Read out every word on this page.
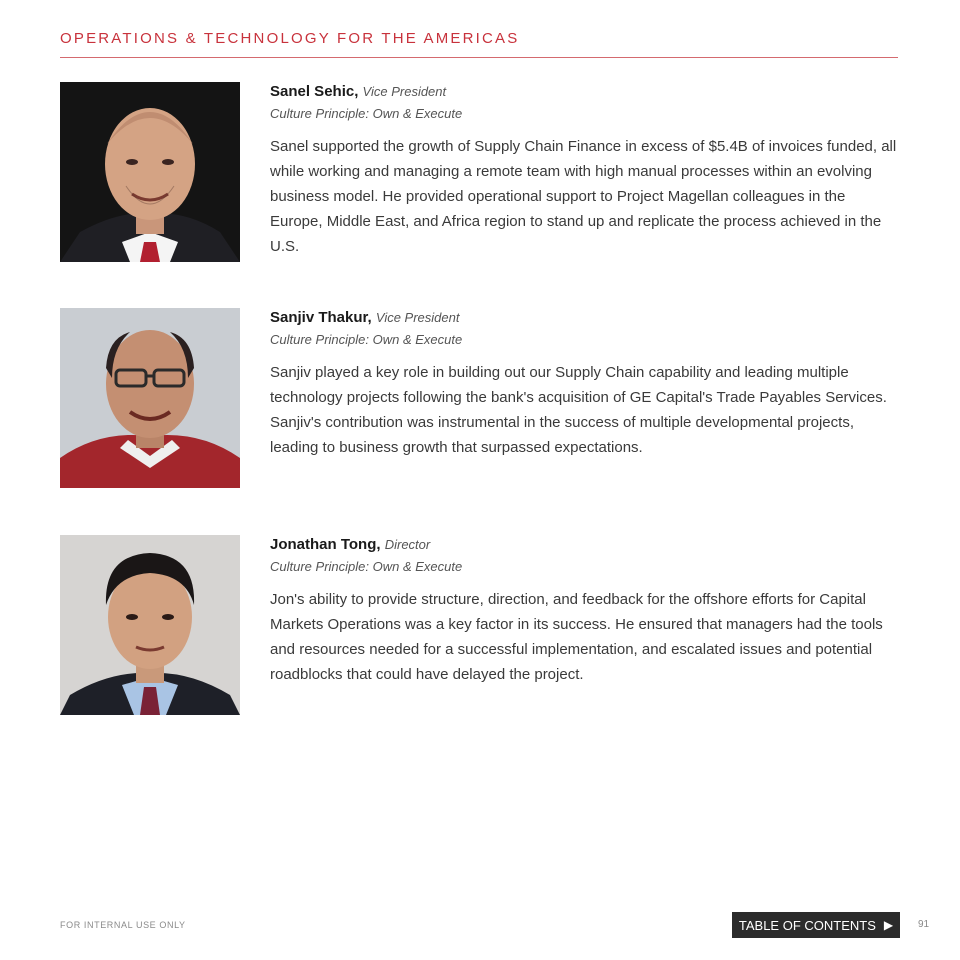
OPERATIONS & TECHNOLOGY FOR THE AMERICAS
Sanel Sehic, Vice President
Culture Principle: Own & Execute
Sanel supported the growth of Supply Chain Finance in excess of $5.4B of invoices funded, all while working and managing a remote team with high manual processes within an evolving business model. He provided operational support to Project Magellan colleagues in the Europe, Middle East, and Africa region to stand up and replicate the process achieved in the U.S.
Sanjiv Thakur, Vice President
Culture Principle: Own & Execute
Sanjiv played a key role in building out our Supply Chain capability and leading multiple technology projects following the bank's acquisition of GE Capital's Trade Payables Services. Sanjiv's contribution was instrumental in the success of multiple developmental projects, leading to business growth that surpassed expectations.
Jonathan Tong, Director
Culture Principle: Own & Execute
Jon's ability to provide structure, direction, and feedback for the offshore efforts for Capital Markets Operations was a key factor in its success. He ensured that managers had the tools and resources needed for a successful implementation, and escalated issues and potential roadblocks that could have delayed the project.
FOR INTERNAL USE ONLY	TABLE OF CONTENTS ▶ 91
